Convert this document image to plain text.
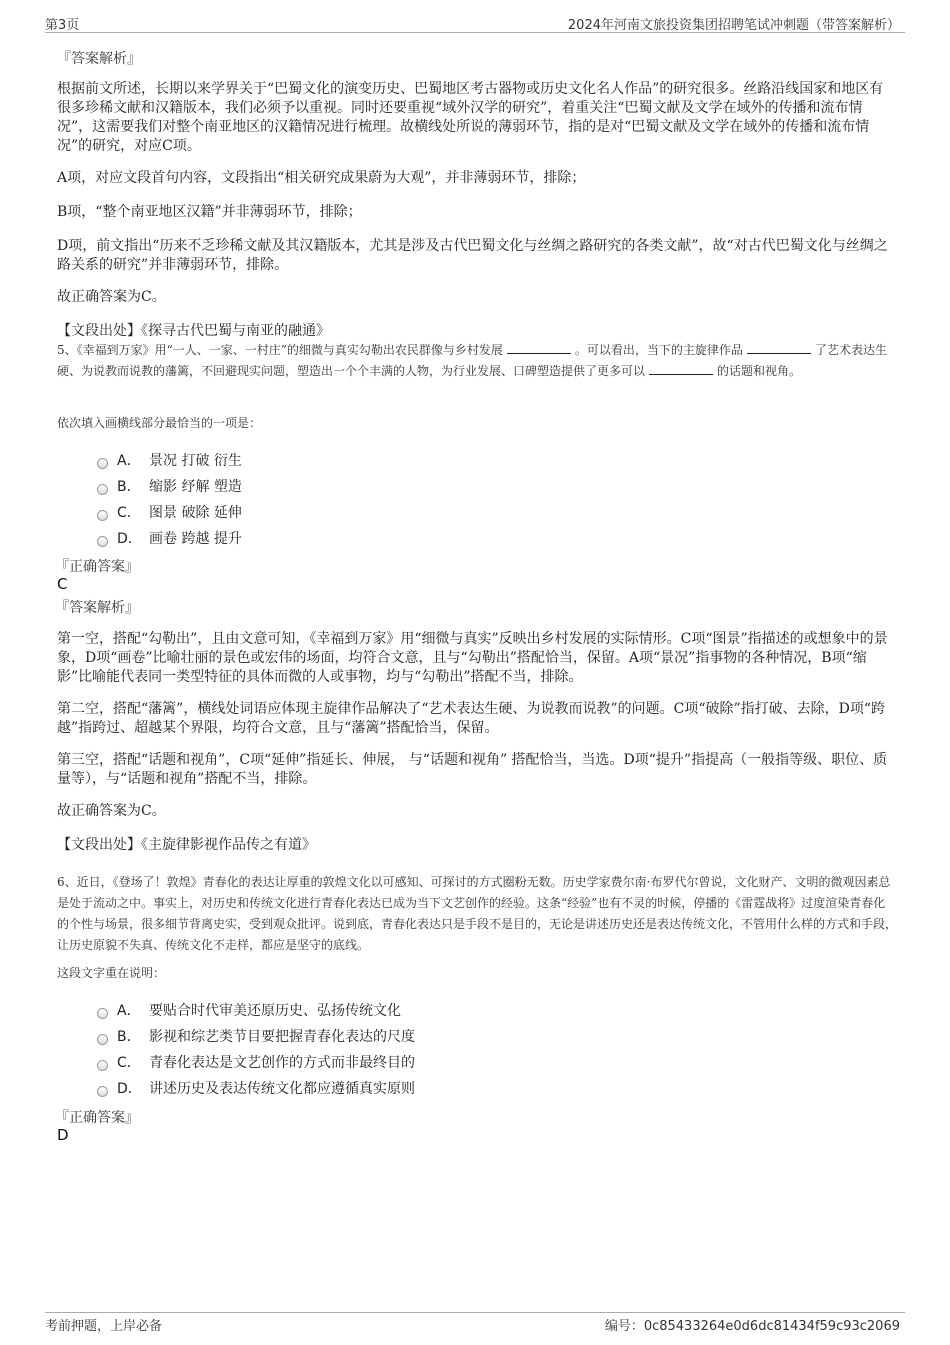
第3页	2024年河南文旅投资集团招聘笔试冲刺题（带答案解析）
『答案解析』
根据前文所述，长期以来学界关于“巴蜀文化的演变历史、巴蜀地区考古器物或历史文化名人作品”的研究很多。丝路沿线国家和地区有很多珍稀文献和汉籍版本，我们必须予以重视。同时还要重视“域外汉学的研究”，着重关注“巴蜀文献及文学在域外的传播和流布情况”，这需要我们对整个南亚地区的汉籍情况进行梳理。故横线处所说的薄弱环节，指的是对“巴蜀文献及文学在域外的传播和流布情况”的研究，对应C项。
A项，对应文段首句内容，文段指出“相关研究成果蔚为大观”，并非薄弱环节，排除；
B项，“整个南亚地区汉籍”并非薄弱环节，排除；
D项，前文指出“历来不乏珍稀文献及其汉籍版本，尤其是涉及古代巴蜀文化与丝绸之路研究的各类文献”，故“对古代巴蜀文化与丝绸之路关系的研究”并非薄弱环节，排除。
故正确答案为C。
【文段出处】《探寻古代巴蜀与南亚的融通》
5、《幸福到万家》用“一人、一家、一村庄”的细微与真实勾勒出农民群像与乡村发展	。可以看出，当下的主旋律作品	了艺术表达生硬、为说教而说教的藩篱，不回避现实问题，塑造出一个个丰满的人物，为行业发展、口碑塑造提供了更多可以	的话题和视角。
依次填入画横线部分最恰当的一项是：
A． 景况 打破 衍生
B． 缩影 纾解 塑造
C． 图景 破除 延伸
D． 画卷 跨越 提升
『正确答案』
C
『答案解析』
第一空，搭配“勾勒出”，且由文意可知，《幸福到万家》用“细微与真实”反映出乡村发展的实际情形。C项“图景”指描述的或想象中的景象，D项“画卷”比喻壮丽的景色或宏伟的场面，均符合文意，且与“勾勒出”搭配恰当，保留。A项“景况”指事物的各种情况，B项“缩影”比喻能代表同一类型特征的具体而微的人或事物，均与“勾勒出”搭配不当，排除。
第二空，搭配“藩篱”，横线处词语应体现主旋律作品解决了“艺术表达生硬、为说教而说教”的问题。C项“破除”指打破、去除，D项“跨越”指跨过、超越某个界限，均符合文意，且与“藩篱”搭配恰当，保留。
第三空，搭配“话题和视角”，C项“延伸”指延长、伸展， 与“话题和视角” 搭配恰当，当选。D项“提升”指提高（一般指等级、职位、质量等），与“话题和视角”搭配不当，排除。
故正确答案为C。
【文段出处】《主旋律影视作品传之有道》
6、近日，《登场了！敦煌》青春化的表达让厚重的敦煌文化以可感知、可探讨的方式圈粉无数。历史学家费尔南·布罗代尔曾说，文化财产、文明的微观因素总是处于流动之中。事实上，对历史和传统文化进行青春化表达已成为当下文艺创作的经验。这条“经验”也有不灵的时候，停播的《雷霆战将》过度渲染青春化的个性与场景，很多细节背离史实，受到观众批评。说到底，青春化表达只是手段不是目的，无论是讲述历史还是表达传统文化，不管用什么样的方式和手段，让历史原貌不失真、传统文化不走样，都应是坚守的底线。
这段文字重在说明：
A． 要贴合时代审美还原历史、弘扬传统文化
B． 影视和综艺类节目要把握青春化表达的尺度
C． 青春化表达是文艺创作的方式而非最终目的
D． 讲述历史及表达传统文化都应遵循真实原则
『正确答案』
D
考前押题，上岸必备	编号：0c85433264e0d6dc81434f59c93c2069
